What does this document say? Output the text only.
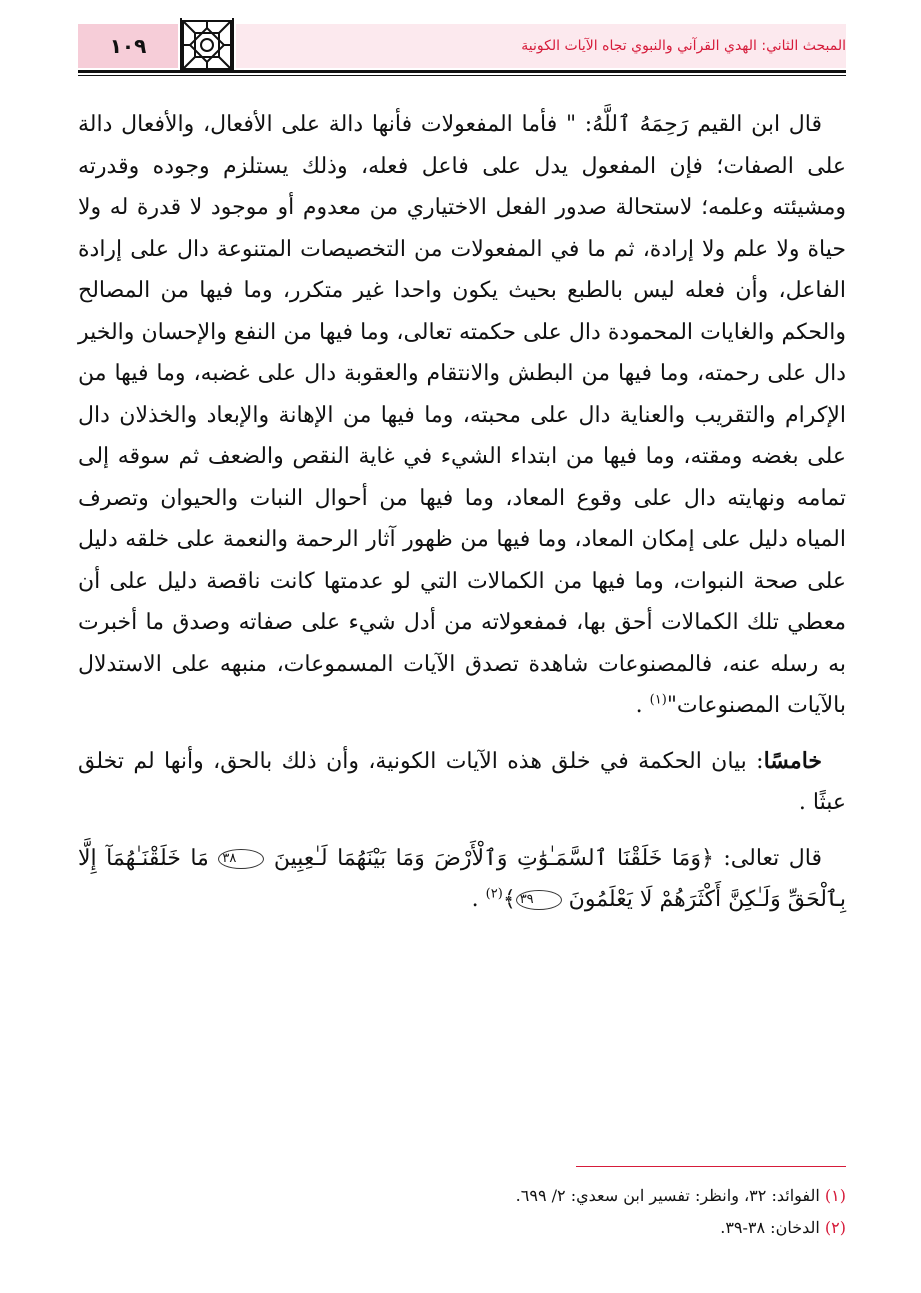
١٠٩	المبحث الثاني: الهدي القرآني والنبوي تجاه الآيات الكونية

قال ابن القيم رَحِمَهُ ٱللَّهُ: " فأما المفعولات فأنها دالة على الأفعال، والأفعال دالة على الصفات؛ فإن المفعول يدل على فاعل فعله، وذلك يستلزم وجوده وقدرته ومشيئته وعلمه؛ لاستحالة صدور الفعل الاختياري من معدوم أو موجود لا قدرة له ولا حياة ولا علم ولا إرادة، ثم ما في المفعولات من التخصيصات المتنوعة دال على إرادة الفاعل، وأن فعله ليس بالطبع بحيث يكون واحدا غير متكرر، وما فيها من المصالح والحكم والغايات المحمودة دال على حكمته تعالى، وما فيها من النفع والإحسان والخير دال على رحمته، وما فيها من البطش والانتقام والعقوبة دال على غضبه، وما فيها من الإكرام والتقريب والعناية دال على محبته، وما فيها من الإهانة والإبعاد والخذلان دال على بغضه ومقته، وما فيها من ابتداء الشيء في غاية النقص والضعف ثم سوقه إلى تمامه ونهايته دال على وقوع المعاد، وما فيها من أحوال النبات والحيوان وتصرف المياه دليل على إمكان المعاد، وما فيها من ظهور آثار الرحمة والنعمة على خلقه دليل على صحة النبوات، وما فيها من الكمالات التي لو عدمتها كانت ناقصة دليل على أن معطي تلك الكمالات أحق بها، فمفعولاته من أدل شيء على صفاته وصدق ما أخبرت به رسله عنه، فالمصنوعات شاهدة تصدق الآيات المسموعات، منبهه على الاستدلال بالآيات المصنوعات"$^{(١)}$ .

خامسًا: بيان الحكمة في خلق هذه الآيات الكونية، وأن ذلك بالحق، وأنها لم تخلق عبثًا .

قال تعالى: ﴿وَمَا خَلَقْنَا ٱلسَّمَـٰوَٰتِ وَٱلْأَرْضَ وَمَا بَيْنَهُمَا لَـٰعِبِينَ ٣٨ مَا خَلَقْنَـٰهُمَآ إِلَّا بِٱلْحَقِّ وَلَـٰكِنَّ أَكْثَرَهُمْ لَا يَعْلَمُونَ ٣٩﴾$^{(٢)}$ .

(١) الفوائد: ٣٢، وانظر: تفسير ابن سعدي: ٢/ ٦٩٩.

(٢) الدخان: ٣٨-٣٩.
